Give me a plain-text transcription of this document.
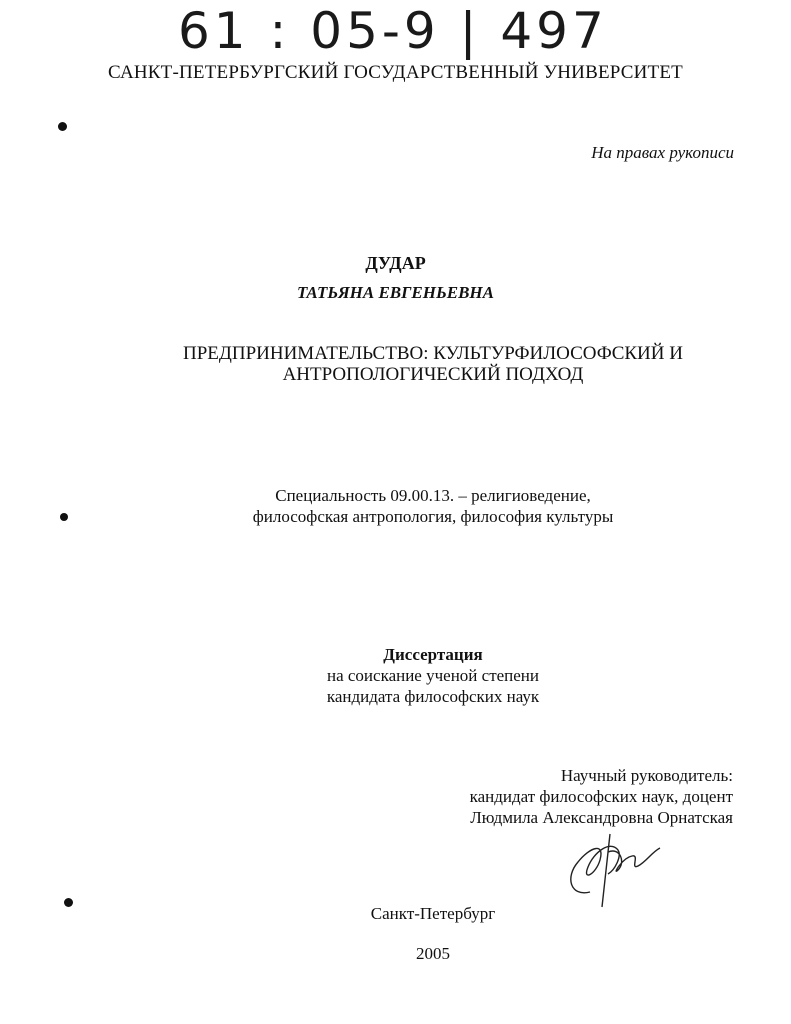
61 : 05-9 | 497
САНКТ-ПЕТЕРБУРГСКИЙ ГОСУДАРСТВЕННЫЙ УНИВЕРСИТЕТ
На правах рукописи
ДУДАР
ТАТЬЯНА ЕВГЕНЬЕВНА
ПРЕДПРИНИМАТЕЛЬСТВО: КУЛЬТУРФИЛОСОФСКИЙ И
АНТРОПОЛОГИЧЕСКИЙ ПОДХОД
Специальность 09.00.13. – религиоведение,
философская антропология, философия культуры
Диссертация
на соискание ученой степени
кандидата философских наук
Научный руководитель:
кандидат философских наук, доцент
Людмила Александровна Орнатская
Санкт-Петербург
2005
